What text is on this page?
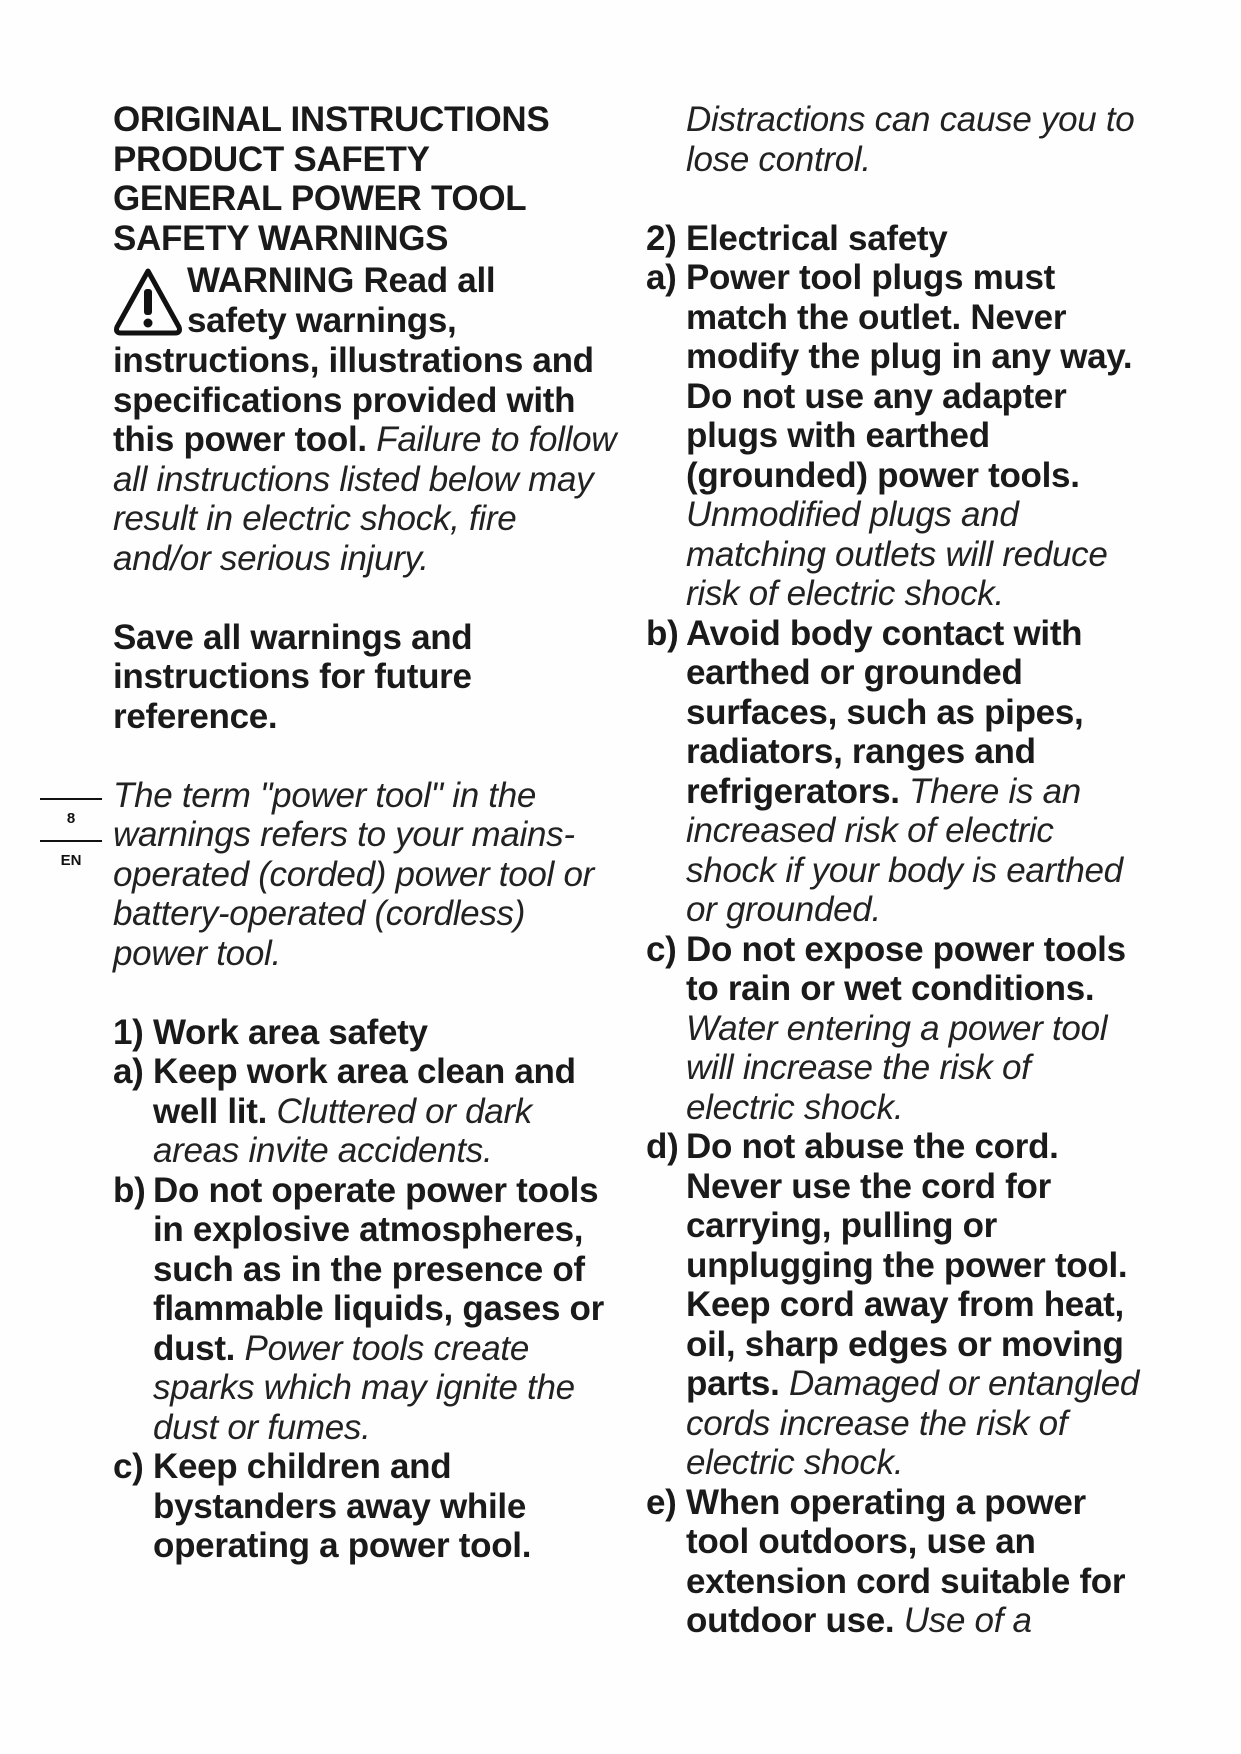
8
EN

ORIGINAL INSTRUCTIONS

PRODUCT SAFETY

GENERAL POWER TOOL

SAFETY WARNINGS

WARNING Read all

safety warnings,

instructions, illustrations and specifications provided with this power tool. Failure to follow all instructions listed below may result in electric shock, fire and/or serious injury.

Save all warnings and instructions for future reference.

The term "power tool" in the warnings refers to your mains-operated (corded) power tool or battery-operated (cordless) power tool.

1) Work area safety

a) Keep work area clean and well lit. Cluttered or dark areas invite accidents.
b) Do not operate power tools in explosive atmospheres, such as in the presence of flammable liquids, gases or dust. Power tools create sparks which may ignite the dust or fumes.
c) Keep children and bystanders away while operating a power tool.

Distractions can cause you to lose control.

2) Electrical safety

a) Power tool plugs must match the outlet. Never modify the plug in any way. Do not use any adapter plugs with earthed (grounded) power tools. Unmodified plugs and matching outlets will reduce risk of electric shock.
b) Avoid body contact with earthed or grounded surfaces, such as pipes, radiators, ranges and refrigerators. There is an increased risk of electric shock if your body is earthed or grounded.
c) Do not expose power tools to rain or wet conditions. Water entering a power tool will increase the risk of electric shock.
d) Do not abuse the cord. Never use the cord for carrying, pulling or unplugging the power tool. Keep cord away from heat, oil, sharp edges or moving parts. Damaged or entangled cords increase the risk of electric shock.
e) When operating a power tool outdoors, use an extension cord suitable for outdoor use. Use of a
